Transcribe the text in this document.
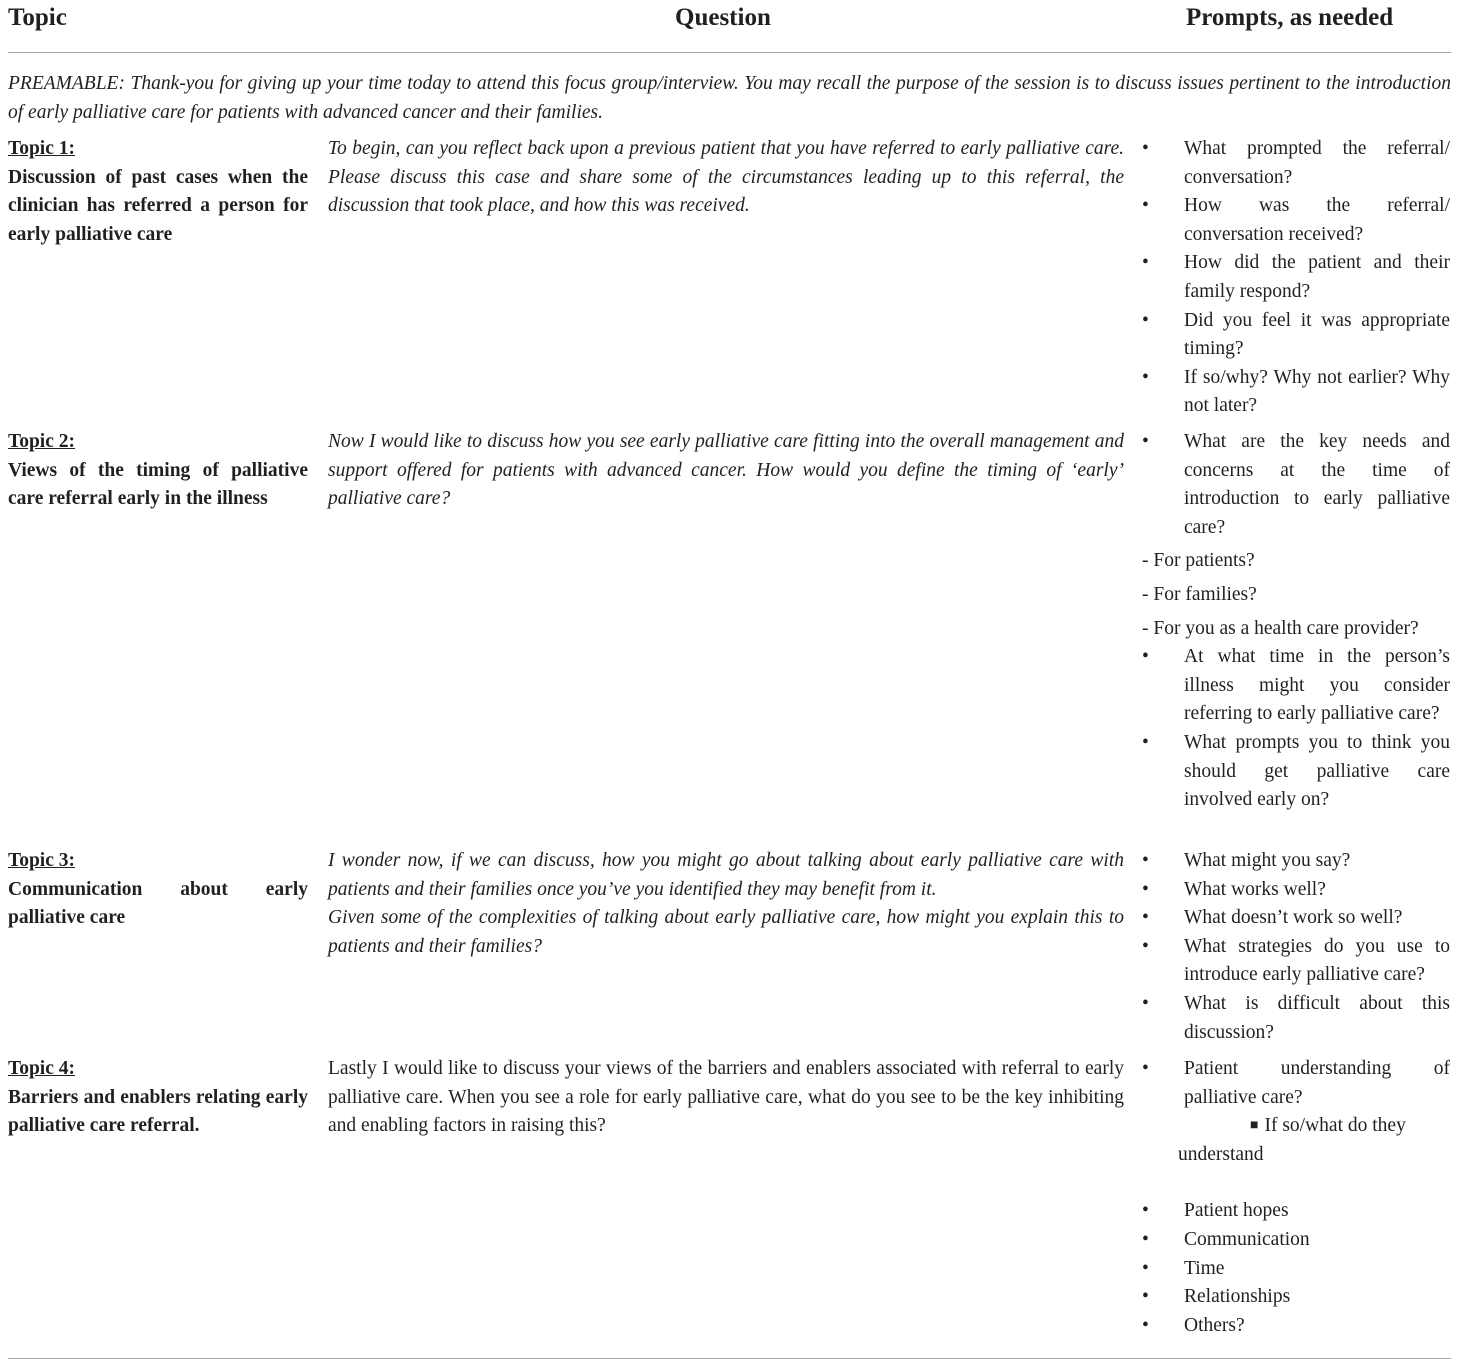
Topic	Question	Prompts, as needed
PREAMABLE: Thank-you for giving up your time today to attend this focus group/interview. You may recall the purpose of the session is to discuss issues pertinent to the introduction of early palliative care for patients with advanced cancer and their families.
Topic 1:
Discussion of past cases when the clinician has referred a person for early palliative care
To begin, can you reflect back upon a previous patient that you have referred to early palliative care. Please discuss this case and share some of the circumstances leading up to this referral, the discussion that took place, and how this was received.
• What prompted the referral/ conversation?
• How was the referral/ conversation received?
• How did the patient and their family respond?
• Did you feel it was appropriate timing?
• If so/why? Why not earlier? Why not later?
Topic 2:
Views of the timing of palliative care referral early in the illness
Now I would like to discuss how you see early palliative care fitting into the overall management and support offered for patients with advanced cancer. How would you define the timing of ‘early’ palliative care?
• What are the key needs and concerns at the time of introduction to early palliative care?
- For patients?
- For families?
- For you as a health care provider?
• At what time in the person’s illness might you consider referring to early palliative care?
• What prompts you to think you should get palliative care involved early on?
Topic 3:
Communication about early palliative care

I wonder now, if we can discuss, how you might go about talking about early palliative care with patients and their families once you’ve you identified they may benefit from it.

Given some of the complexities of talking about early palliative care, how might you explain this to patients and their families?

• What might you say?
• What works well?
• What doesn’t work so well?
• What strategies do you use to introduce early palliative care?
• What is difficult about this discussion?
Topic 4:
Barriers and enablers relating early palliative care referral.
Lastly I would like to discuss your views of the barriers and enablers associated with referral to early palliative care. When you see a role for early palliative care, what do you see to be the key inhibiting and enabling factors in raising this?
• Patient understanding of palliative care?
■ If so/what do they
understand
• Patient hopes
• Communication
• Time
• Relationships
• Others?
